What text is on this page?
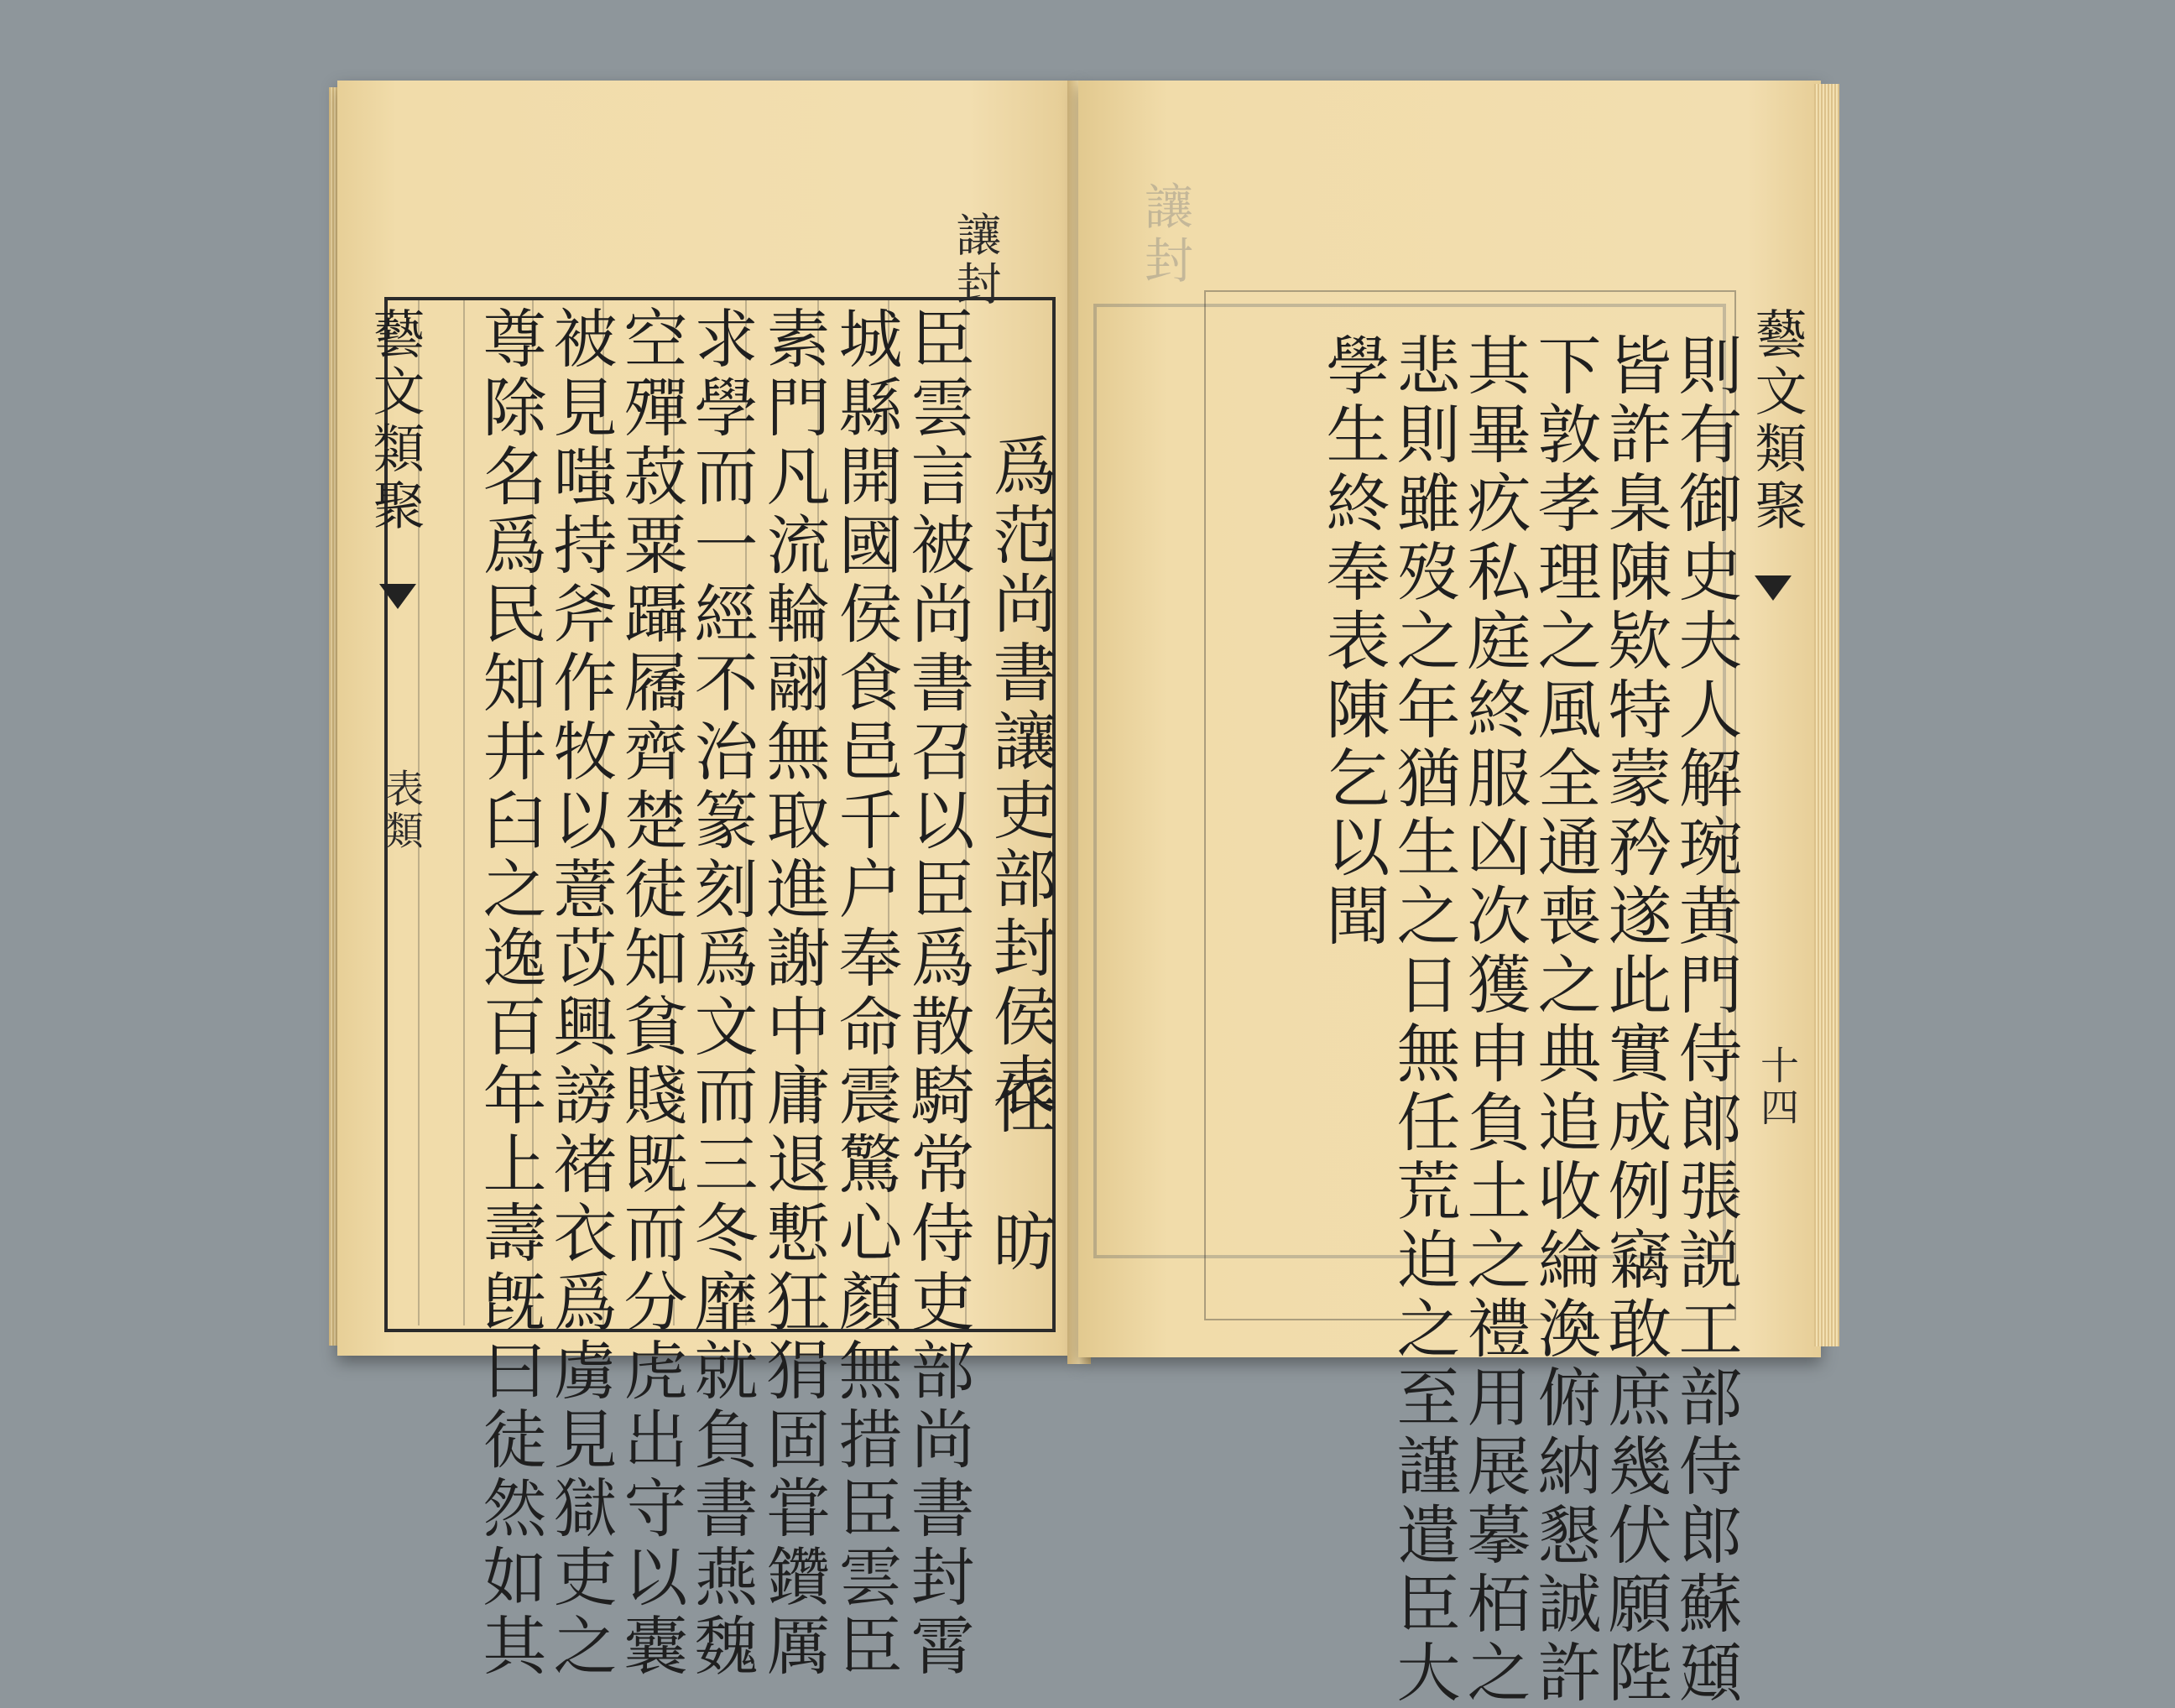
讓封
藝文類聚
表類	爲范尚書讓吏部封侯表
任　昉
臣雲言被尚書召以臣爲散騎常侍吏部尚書封霄
城縣開國侯食邑千户奉命震驚心顏無措臣雲臣
素門凡流輪翮無取進謝中庸退慙狂狷固甞鑽厲
求學而一經不治篆刻爲文而三冬靡就負書燕魏
空殫菽粟躡屩齊楚徒知貧賤既而分虎出守以囊
被見嗤持斧作牧以薏苡興謗褚衣爲虜見獄吏之
尊除名爲民知井臼之逸百年上壽旣曰徒然如其
讓封
藝文類聚
十四
則有御史夫人解琬黄門侍郎張説工部侍郎蘇頲
皆詐臬陳欵特蒙矜遂此實成例竊敢庶幾伏願陛
下敦孝理之風全通喪之典追收綸渙俯納懇誠許
其畢疚私庭終服凶次獲申負土之禮用展摹栢之
悲則雖歿之年猶生之日無任荒迫之至謹遣臣大
學生終奉表陳乞以聞
